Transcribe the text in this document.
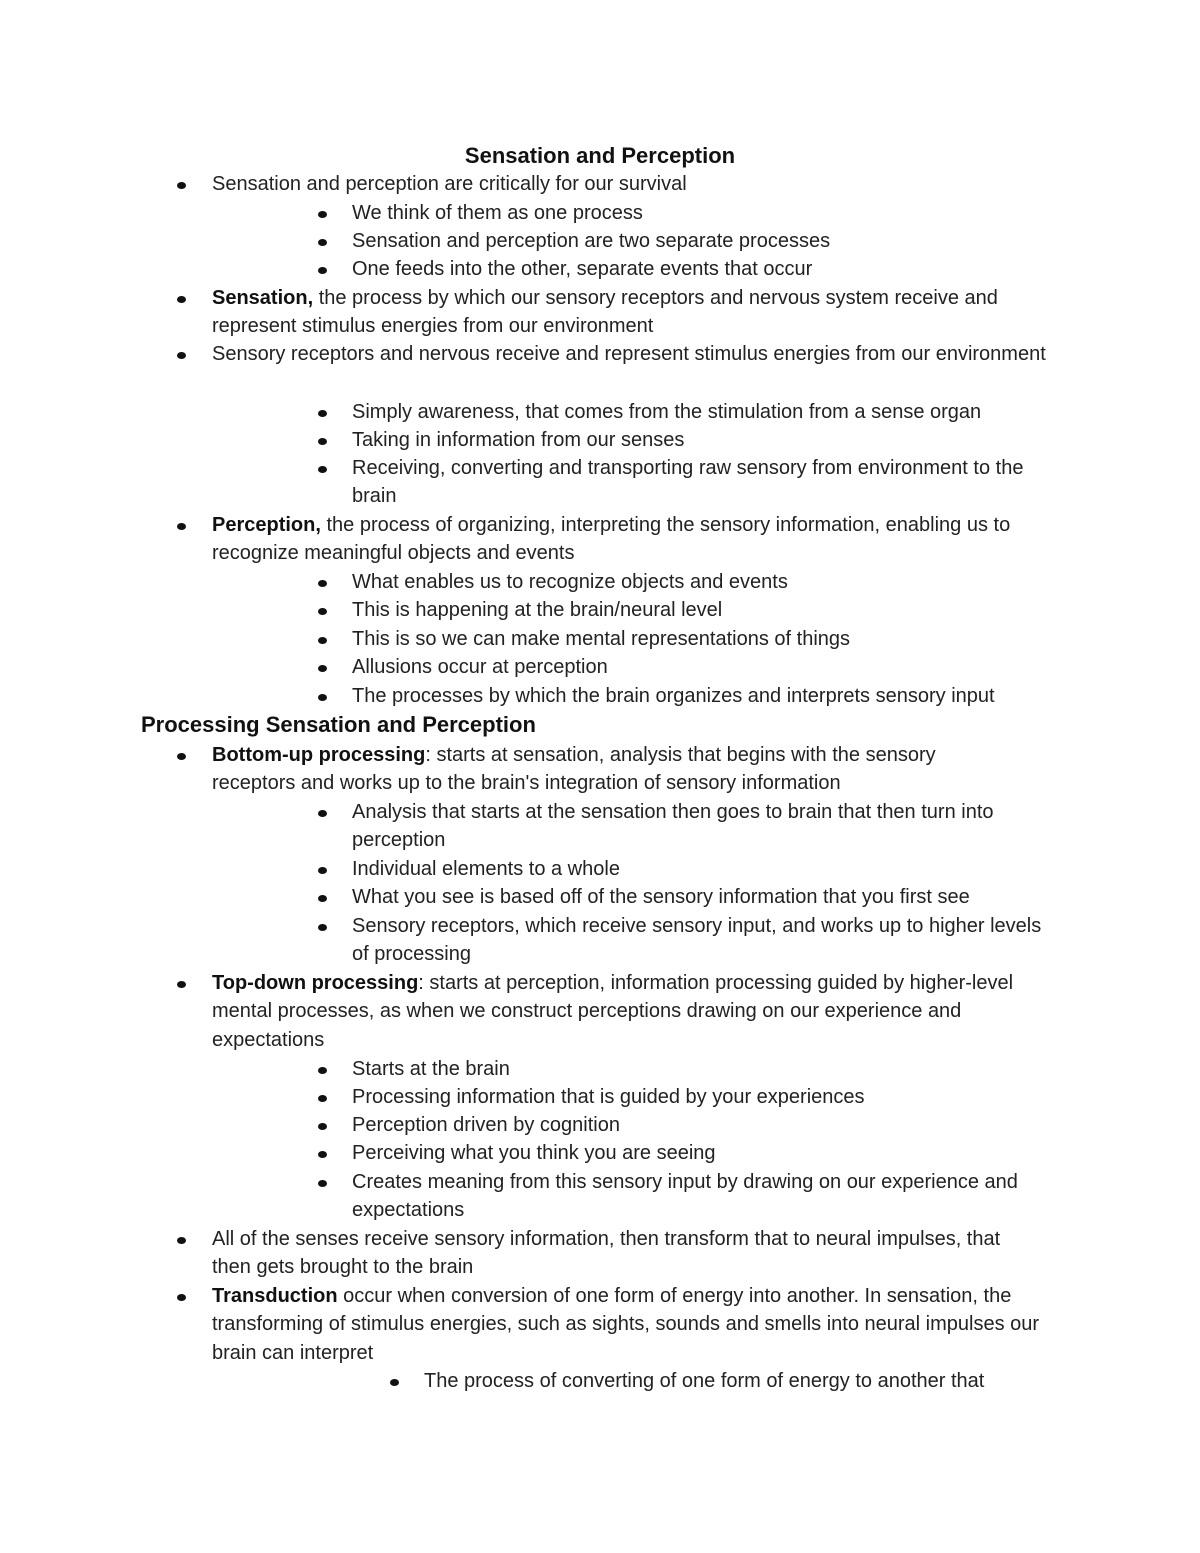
Sensation and Perception
Sensation and perception are critically for our survival
We think of them as one process
Sensation and perception are two separate processes
One feeds into the other, separate events that occur
Sensation, the process by which our sensory receptors and nervous system receive and represent stimulus energies from our environment
Sensory receptors and nervous receive and represent stimulus energies from our environment
Simply awareness, that comes from the stimulation from a sense organ
Taking in information from our senses
Receiving, converting and transporting raw sensory from environment to the brain
Perception, the process of organizing, interpreting the sensory information, enabling us to recognize meaningful objects and events
What enables us to recognize objects and events
This is happening at the brain/neural level
This is so we can make mental representations of things
Allusions occur at perception
The processes by which the brain organizes and interprets sensory input
Processing Sensation and Perception
Bottom-up processing: starts at sensation, analysis that begins with the sensory receptors and works up to the brain's integration of sensory information
Analysis that starts at the sensation then goes to brain that then turn into perception
Individual elements to a whole
What you see is based off of the sensory information that you first see
Sensory receptors, which receive sensory input, and works up to higher levels of processing
Top-down processing: starts at perception, information processing guided by higher-level mental processes, as when we construct perceptions drawing on our experience and expectations
Starts at the brain
Processing information that is guided by your experiences
Perception driven by cognition
Perceiving what you think you are seeing
Creates meaning from this sensory input by drawing on our experience and expectations
All of the senses receive sensory information, then transform that to neural impulses, that then gets brought to the brain
Transduction occur when conversion of one form of energy into another. In sensation, the transforming of stimulus energies, such as sights, sounds and smells into neural impulses our brain can interpret
The process of converting of one form of energy to another that
